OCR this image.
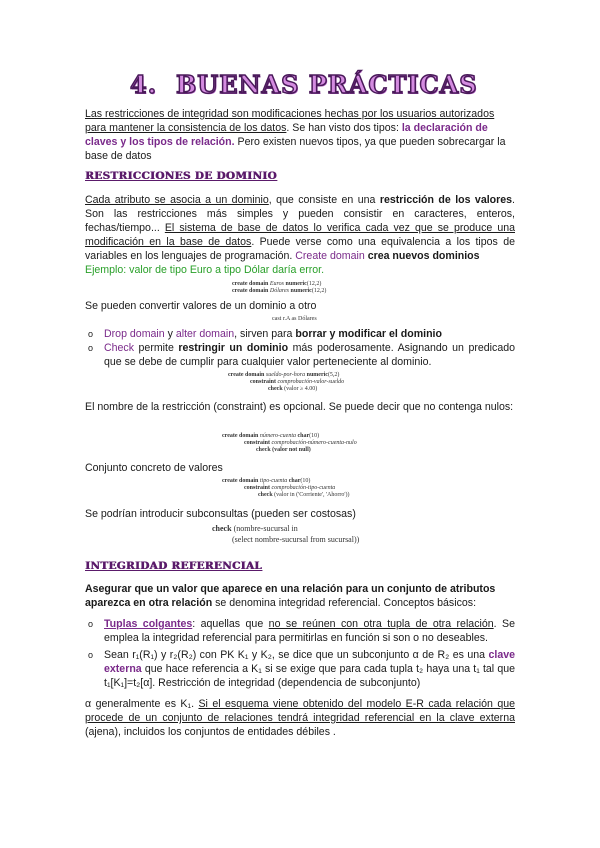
4. BUENAS PRÁCTICAS

Las restricciones de integridad son modificaciones hechas por los usuarios autorizados para mantener la consistencia de los datos. Se han visto dos tipos: la declaración de claves y los tipos de relación. Pero existen nuevos tipos, ya que pueden sobrecargar la base de datos

RESTRICCIONES DE DOMINIO

Cada atributo se asocia a un dominio, que consiste en una restricción de los valores. Son las restricciones más simples y pueden consistir en caracteres, enteros, fechas/tiempo... El sistema de base de datos lo verifica cada vez que se produce una modificación en la base de datos. Puede verse como una equivalencia a los tipos de variables en los lenguajes de programación. Create domain crea nuevos dominios
Ejemplo: valor de tipo Euro a tipo Dólar daría error.

create domain Euros numeric(12,2)
create domain Dólares numeric(12,2)

Se pueden convertir valores de un dominio a otro

cast r.A as Dólares
o Drop domain y alter domain, sirven para borrar y modificar el dominio

o Check permite restringir un dominio más poderosamente. Asignando un predicado que se debe de cumplir para cualquier valor perteneciente al dominio.

create domain sueldo-por-hora numeric(5,2)
constraint comprobación-valor-sueldo
check (valor ≥ 4.00)

El nombre de la restricción (constraint) es opcional. Se puede decir que no contenga nulos:

create domain número-cuenta char(10)
constraint comprobación-número-cuenta-nulo
check (valor not null)

Conjunto concreto de valores

create domain tipo-cuenta char(10)
constraint comprobación-tipo-cuenta
check (valor in ('Corriente', 'Ahorro'))

Se podrían introducir subconsultas (pueden ser costosas)

check (nombre-sucursal in
(select nombre-sucursal from sucursal))
INTEGRIDAD REFERENCIAL

Asegurar que un valor que aparece en una relación para un conjunto de atributos aparezca en otra relación se denomina integridad referencial. Conceptos básicos:

o Tuplas colgantes: aquellas que no se reúnen con otra tupla de otra relación. Se emplea la integridad referencial para permitirlas en función si son o no deseables.

o Sean r₁(R₁) y r₂(R₂) con PK K₁ y K₂, se dice que un subconjunto α de R₂ es una clave externa que hace referencia a K₁ si se exige que para cada tupla t₂ haya una t₁ tal que t₁[K₁]=t₂[α]. Restricción de integridad (dependencia de subconjunto)

α generalmente es K₁. Si el esquema viene obtenido del modelo E-R cada relación que procede de un conjunto de relaciones tendrá integridad referencial en la clave externa (ajena), incluidos los conjuntos de entidades débiles .
